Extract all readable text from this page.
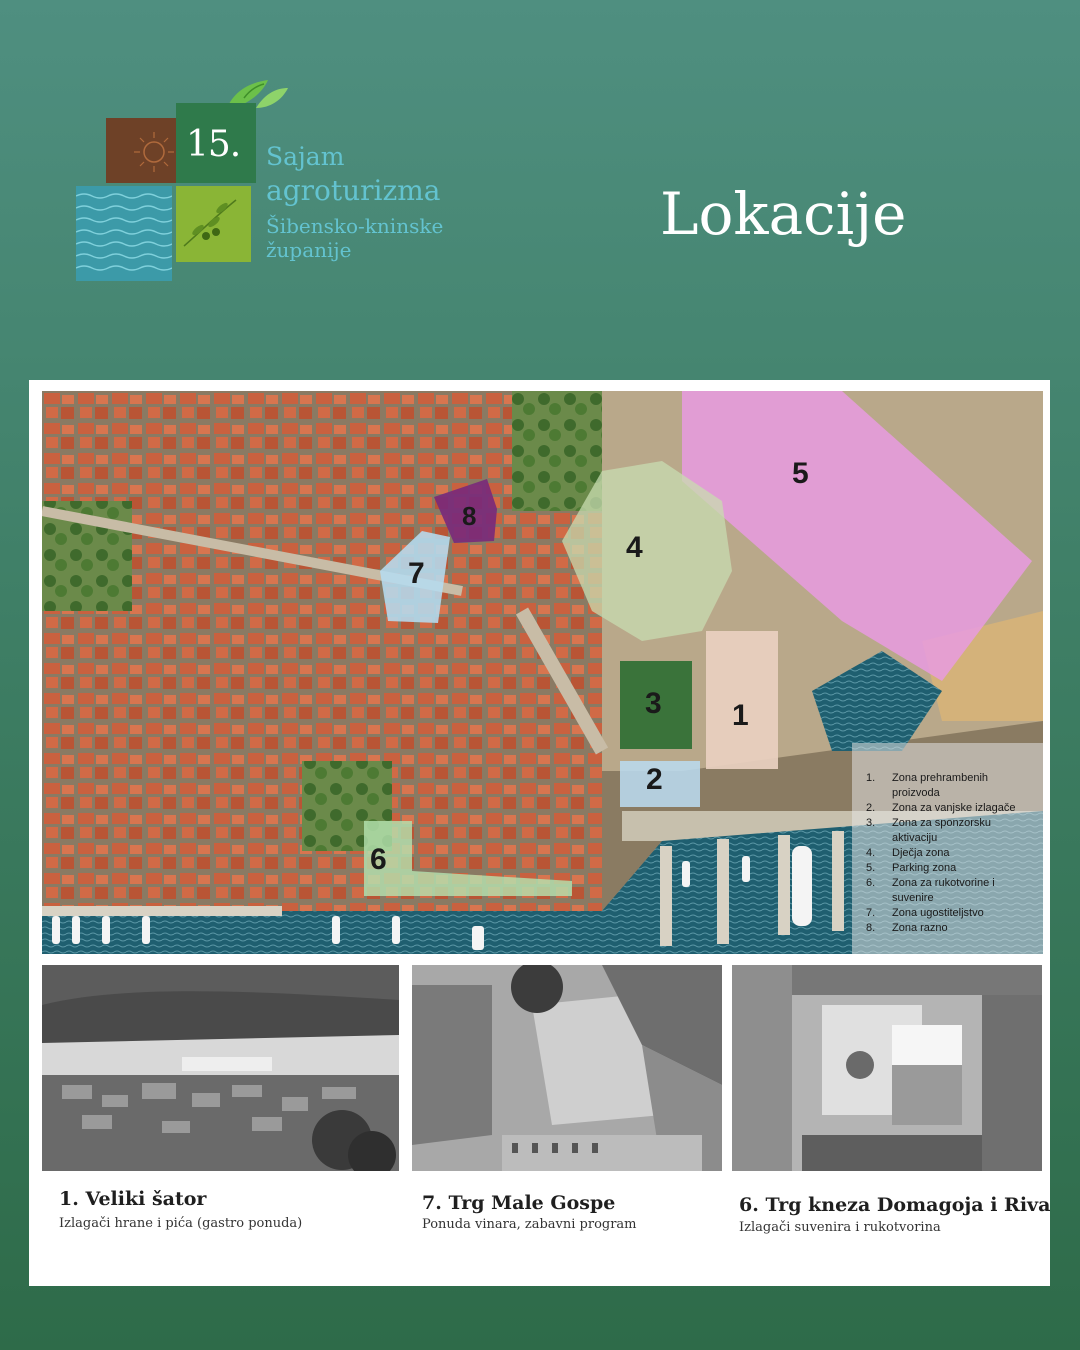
15. Sajam
agroturizma
Šibensko-kninske
županije
Lokacije
5
4
3 1
2
7
8
6
1. Zona prehrambenih proizvoda
2. Zona za vanjske izlagače
3. Zona za sponzorsku aktivaciju
4. Dječja zona
5. Parking zona
6. Zona za rukotvorine i suvenire
7. Zona ugostiteljstvo
8. Zona razno
1. Veliki šator
Izlagači hrane i pića (gastro ponuda)
7. Trg Male Gospe
Ponuda vinara, zabavni program
6. Trg kneza Domagoja i Riva
Izlagači suvenira i rukotvorina
